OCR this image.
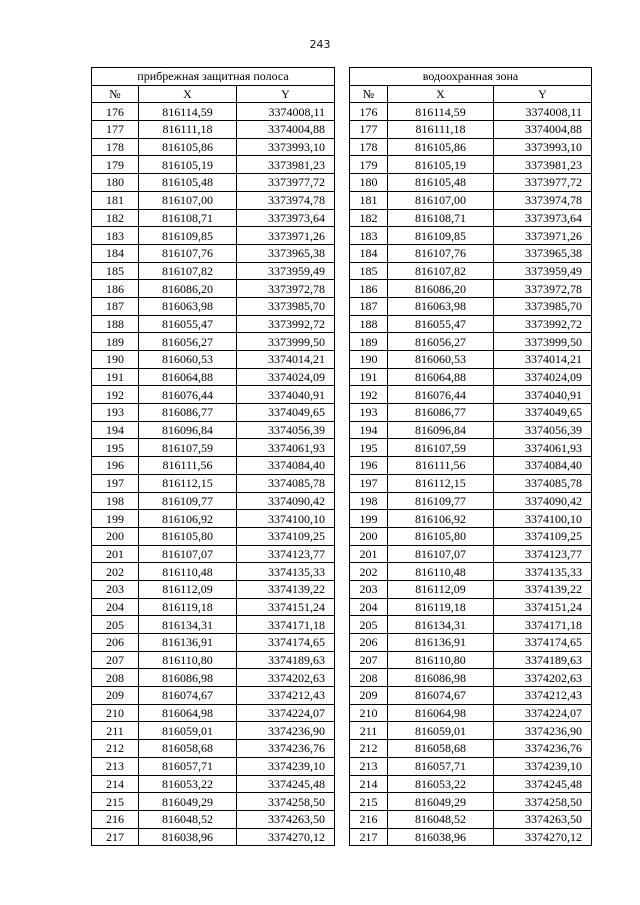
243
прибрежная защитная полоса				водоохранная зона		
№	X	Y		№	X	Y
176	816114,59	3374008,11		176	816114,59	3374008,11
177	816111,18	3374004,88		177	816111,18	3374004,88
178	816105,86	3373993,10		178	816105,86	3373993,10
179	816105,19	3373981,23		179	816105,19	3373981,23
180	816105,48	3373977,72		180	816105,48	3373977,72
181	816107,00	3373974,78		181	816107,00	3373974,78
182	816108,71	3373973,64		182	816108,71	3373973,64
183	816109,85	3373971,26		183	816109,85	3373971,26
184	816107,76	3373965,38		184	816107,76	3373965,38
185	816107,82	3373959,49		185	816107,82	3373959,49
186	816086,20	3373972,78		186	816086,20	3373972,78
187	816063,98	3373985,70		187	816063,98	3373985,70
188	816055,47	3373992,72		188	816055,47	3373992,72
189	816056,27	3373999,50		189	816056,27	3373999,50
190	816060,53	3374014,21		190	816060,53	3374014,21
191	816064,88	3374024,09		191	816064,88	3374024,09
192	816076,44	3374040,91		192	816076,44	3374040,91
193	816086,77	3374049,65		193	816086,77	3374049,65
194	816096,84	3374056,39		194	816096,84	3374056,39
195	816107,59	3374061,93		195	816107,59	3374061,93
196	816111,56	3374084,40		196	816111,56	3374084,40
197	816112,15	3374085,78		197	816112,15	3374085,78
198	816109,77	3374090,42		198	816109,77	3374090,42
199	816106,92	3374100,10		199	816106,92	3374100,10
200	816105,80	3374109,25		200	816105,80	3374109,25
201	816107,07	3374123,77		201	816107,07	3374123,77
202	816110,48	3374135,33		202	816110,48	3374135,33
203	816112,09	3374139,22		203	816112,09	3374139,22
204	816119,18	3374151,24		204	816119,18	3374151,24
205	816134,31	3374171,18		205	816134,31	3374171,18
206	816136,91	3374174,65		206	816136,91	3374174,65
207	816110,80	3374189,63		207	816110,80	3374189,63
208	816086,98	3374202,63		208	816086,98	3374202,63
209	816074,67	3374212,43		209	816074,67	3374212,43
210	816064,98	3374224,07		210	816064,98	3374224,07
211	816059,01	3374236,90		211	816059,01	3374236,90
212	816058,68	3374236,76		212	816058,68	3374236,76
213	816057,71	3374239,10		213	816057,71	3374239,10
214	816053,22	3374245,48		214	816053,22	3374245,48
215	816049,29	3374258,50		215	816049,29	3374258,50
216	816048,52	3374263,50		216	816048,52	3374263,50
217	816038,96	3374270,12		217	816038,96	3374270,12
